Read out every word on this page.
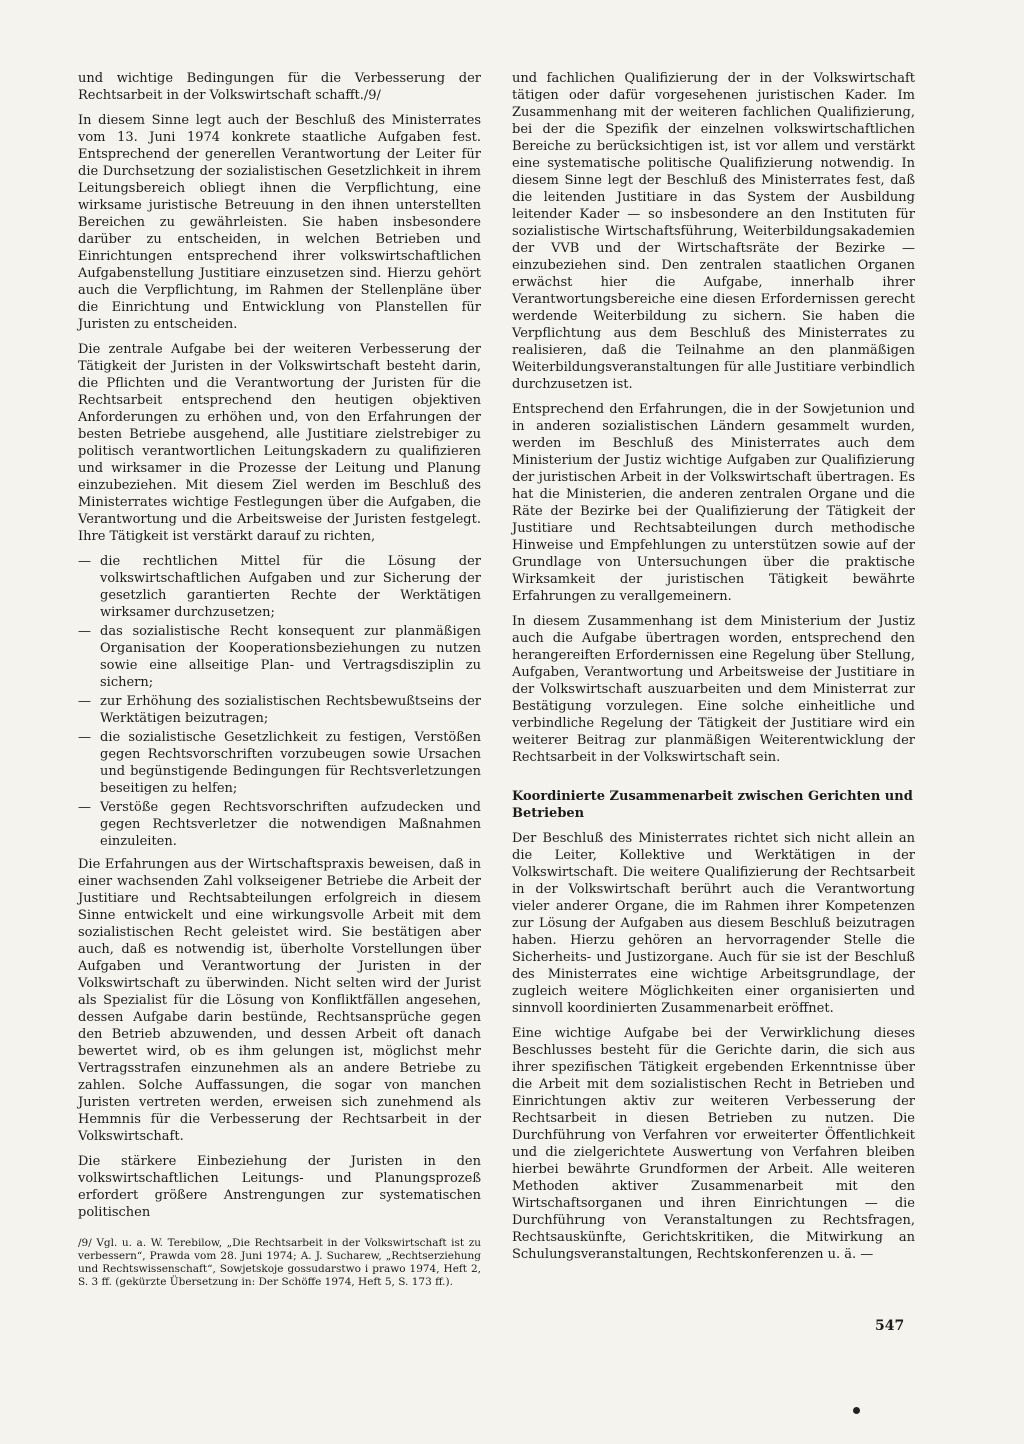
und wichtige Bedingungen für die Verbesserung der Rechtsarbeit in der Volkswirtschaft schafft./9/

In diesem Sinne legt auch der Beschluß des Ministerrates vom 13. Juni 1974 konkrete staatliche Aufgaben fest. Entsprechend der generellen Verantwortung der Leiter für die Durchsetzung der sozialistischen Gesetzlichkeit in ihrem Leitungsbereich obliegt ihnen die Verpflichtung, eine wirksame juristische Betreuung in den ihnen unterstellten Bereichen zu gewährleisten. Sie haben insbesondere darüber zu entscheiden, in welchen Betrieben und Einrichtungen entsprechend ihrer volkswirtschaftlichen Aufgabenstellung Justitiare einzusetzen sind. Hierzu gehört auch die Verpflichtung, im Rahmen der Stellenpläne über die Einrichtung und Entwicklung von Planstellen für Juristen zu entscheiden.

Die zentrale Aufgabe bei der weiteren Verbesserung der Tätigkeit der Juristen in der Volkswirtschaft besteht darin, die Pflichten und die Verantwortung der Juristen für die Rechtsarbeit entsprechend den heutigen objektiven Anforderungen zu erhöhen und, von den Erfahrungen der besten Betriebe ausgehend, alle Justitiare zielstrebiger zu politisch verantwortlichen Leitungskadern zu qualifizieren und wirksamer in die Prozesse der Leitung und Planung einzubeziehen. Mit diesem Ziel werden im Beschluß des Ministerrates wichtige Festlegungen über die Aufgaben, die Verantwortung und die Arbeitsweise der Juristen festgelegt. Ihre Tätigkeit ist verstärkt darauf zu richten,

— die rechtlichen Mittel für die Lösung der volkswirtschaftlichen Aufgaben und zur Sicherung der gesetzlich garantierten Rechte der Werktätigen wirksamer durchzusetzen;
— das sozialistische Recht konsequent zur planmäßigen Organisation der Kooperationsbeziehungen zu nutzen sowie eine allseitige Plan- und Vertragsdisziplin zu sichern;
— zur Erhöhung des sozialistischen Rechtsbewußtseins der Werktätigen beizutragen;
— die sozialistische Gesetzlichkeit zu festigen, Verstößen gegen Rechtsvorschriften vorzubeugen sowie Ursachen und begünstigende Bedingungen für Rechtsverletzungen beseitigen zu helfen;
— Verstöße gegen Rechtsvorschriften aufzudecken und gegen Rechtsverletzer die notwendigen Maßnahmen einzuleiten.

Die Erfahrungen aus der Wirtschaftspraxis beweisen, daß in einer wachsenden Zahl volkseigener Betriebe die Arbeit der Justitiare und Rechtsabteilungen erfolgreich in diesem Sinne entwickelt und eine wirkungsvolle Arbeit mit dem sozialistischen Recht geleistet wird. Sie bestätigen aber auch, daß es notwendig ist, überholte Vorstellungen über Aufgaben und Verantwortung der Juristen in der Volkswirtschaft zu überwinden. Nicht selten wird der Jurist als Spezialist für die Lösung von Konfliktfällen angesehen, dessen Aufgabe darin bestünde, Rechtsansprüche gegen den Betrieb abzuwenden, und dessen Arbeit oft danach bewertet wird, ob es ihm gelungen ist, möglichst mehr Vertragsstrafen einzunehmen als an andere Betriebe zu zahlen. Solche Auffassungen, die sogar von manchen Juristen vertreten werden, erweisen sich zunehmend als Hemmnis für die Verbesserung der Rechtsarbeit in der Volkswirtschaft.

Die stärkere Einbeziehung der Juristen in den volkswirtschaftlichen Leitungs- und Planungsprozeß erfordert größere Anstrengungen zur systematischen politischen

und fachlichen Qualifizierung der in der Volkswirtschaft tätigen oder dafür vorgesehenen juristischen Kader. Im Zusammenhang mit der weiteren fachlichen Qualifizierung, bei der die Spezifik der einzelnen volkswirtschaftlichen Bereiche zu berücksichtigen ist, ist vor allem und verstärkt eine systematische politische Qualifizierung notwendig. In diesem Sinne legt der Beschluß des Ministerrates fest, daß die leitenden Justitiare in das System der Ausbildung leitender Kader — so insbesondere an den Instituten für sozialistische Wirtschaftsführung, Weiterbildungsakademien der VVB und der Wirtschaftsräte der Bezirke — einzubeziehen sind. Den zentralen staatlichen Organen erwächst hier die Aufgabe, innerhalb ihrer Verantwortungsbereiche eine diesen Erfordernissen gerecht werdende Weiterbildung zu sichern. Sie haben die Verpflichtung aus dem Beschluß des Ministerrates zu realisieren, daß die Teilnahme an den planmäßigen Weiterbildungsveranstaltungen für alle Justitiare verbindlich durchzusetzen ist.

Entsprechend den Erfahrungen, die in der Sowjetunion und in anderen sozialistischen Ländern gesammelt wurden, werden im Beschluß des Ministerrates auch dem Ministerium der Justiz wichtige Aufgaben zur Qualifizierung der juristischen Arbeit in der Volkswirtschaft übertragen. Es hat die Ministerien, die anderen zentralen Organe und die Räte der Bezirke bei der Qualifizierung der Tätigkeit der Justitiare und Rechtsabteilungen durch methodische Hinweise und Empfehlungen zu unterstützen sowie auf der Grundlage von Untersuchungen über die praktische Wirksamkeit der juristischen Tätigkeit bewährte Erfahrungen zu verallgemeinern.

In diesem Zusammenhang ist dem Ministerium der Justiz auch die Aufgabe übertragen worden, entsprechend den herangereiften Erfordernissen eine Regelung über Stellung, Aufgaben, Verantwortung und Arbeitsweise der Justitiare in der Volkswirtschaft auszuarbeiten und dem Ministerrat zur Bestätigung vorzulegen. Eine solche einheitliche und verbindliche Regelung der Tätigkeit der Justitiare wird ein weiterer Beitrag zur planmäßigen Weiterentwicklung der Rechtsarbeit in der Volkswirtschaft sein.

Koordinierte Zusammenarbeit zwischen Gerichten und Betrieben

Der Beschluß des Ministerrates richtet sich nicht allein an die Leiter, Kollektive und Werktätigen in der Volkswirtschaft. Die weitere Qualifizierung der Rechtsarbeit in der Volkswirtschaft berührt auch die Verantwortung vieler anderer Organe, die im Rahmen ihrer Kompetenzen zur Lösung der Aufgaben aus diesem Beschluß beizutragen haben. Hierzu gehören an hervorragender Stelle die Sicherheits- und Justizorgane. Auch für sie ist der Beschluß des Ministerrates eine wichtige Arbeitsgrundlage, der zugleich weitere Möglichkeiten einer organisierten und sinnvoll koordinierten Zusammenarbeit eröffnet.

Eine wichtige Aufgabe bei der Verwirklichung dieses Beschlusses besteht für die Gerichte darin, die sich aus ihrer spezifischen Tätigkeit ergebenden Erkenntnisse über die Arbeit mit dem sozialistischen Recht in Betrieben und Einrichtungen aktiv zur weiteren Verbesserung der Rechtsarbeit in diesen Betrieben zu nutzen. Die Durchführung von Verfahren vor erweiterter Öffentlichkeit und die zielgerichtete Auswertung von Verfahren bleiben hierbei bewährte Grundformen der Arbeit. Alle weiteren Methoden aktiver Zusammenarbeit mit den Wirtschaftsorganen und ihren Einrichtungen — die Durchführung von Veranstaltungen zu Rechtsfragen, Rechtsauskünfte, Gerichtskritiken, die Mitwirkung an Schulungsveranstaltungen, Rechtskonferenzen u. ä. —

/9/ Vgl. u. a. W. Terebilow, „Die Rechtsarbeit in der Volkswirtschaft ist zu verbessern“, Prawda vom 28. Juni 1974; A. J. Sucharew, „Rechtserziehung und Rechtswissenschaft“, Sowjetskoje gossudarstwo i prawo 1974, Heft 2, S. 3 ff. (gekürzte Übersetzung in: Der Schöffe 1974, Heft 5, S. 173 ff.).
547
